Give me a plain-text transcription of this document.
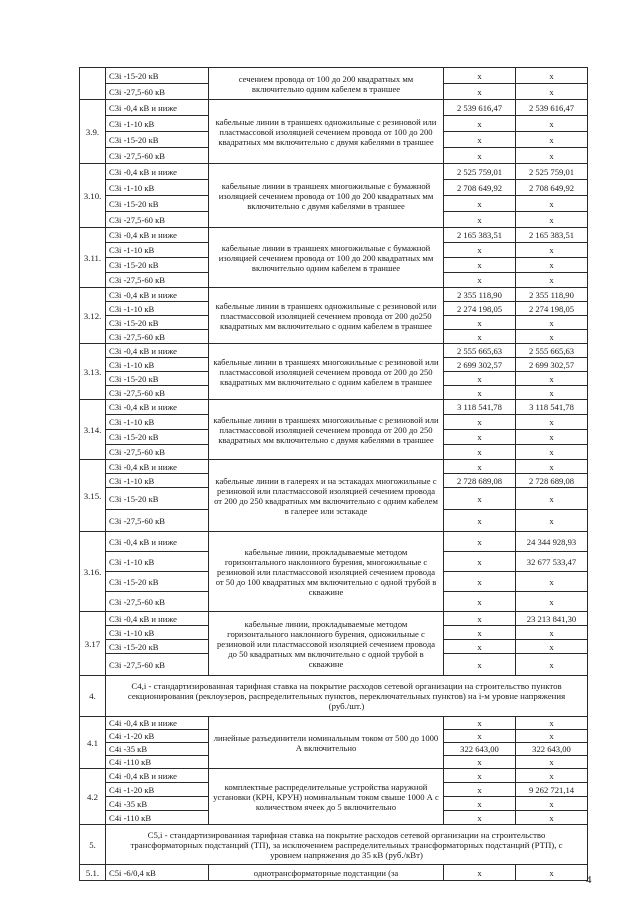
	С3i -15-20 кВ	сечением провода от 100 до 200 квадратных мм включительно одним кабелем в траншее	х	х
	С3i -27,5-60 кВ		х	х
3.9.	С3i -0,4 кВ и ниже	кабельные линии в траншеях одножильные с резиновой или пластмассовой изоляцией сечением провода от 100 до 200 квадратных мм включительно с двумя кабелями в траншее	2 539 616,47	2 539 616,47
	С3i -1-10 кВ		х	х
	С3i -15-20 кВ		х	х
	С3i -27,5-60 кВ		х	х
3.10.	С3i -0,4 кВ и ниже	кабельные линии в траншеях многожильные с бумажной изоляцией сечением провода от 100 до 200 квадратных мм включительно с двумя кабелями в траншее	2 525 759,01	2 525 759,01
	С3i -1-10 кВ		2 708 649,92	2 708 649,92
	С3i -15-20 кВ		х	х
	С3i -27,5-60 кВ		х	х
3.11.	С3i -0,4 кВ и ниже	кабельные линии в траншеях многожильные с бумажной изоляцией сечением провода от 100 до 200 квадратных мм включительно одним кабелем в траншее	2 165 383,51	2 165 383,51
	С3i -1-10 кВ		х	х
	С3i -15-20 кВ		х	х
	С3i -27,5-60 кВ		х	х
3.12.	С3i -0,4 кВ и ниже	кабельные линии в траншеях одножильные с резиновой или пластмассовой изоляцией сечением провода от 200 до250 квадратных мм включительно с одним кабелем в траншее	2 355 118,90	2 355 118,90
	С3i -1-10 кВ		2 274 198,05	2 274 198,05
	С3i -15-20 кВ		х	х
	С3i -27,5-60 кВ		х	х
3.13.	С3i -0,4 кВ и ниже	кабельные линии в траншеях многожильные с резиновой или пластмассовой изоляцией сечением провода от 200 до 250 квадратных мм включительно с одним кабелем в траншее	2 555 665,63	2 555 665,63
	С3i -1-10 кВ		2 699 302,57	2 699 302,57
	С3i -15-20 кВ		х	х
	С3i -27,5-60 кВ		х	х
3.14.	С3i -0,4 кВ и ниже	кабельные линии в траншеях многожильные с резиновой или пластмассовой изоляцией сечением провода от 200 до 250 квадратных мм включительно с двумя кабелями в траншее	3 118 541,78	3 118 541,78
	С3i -1-10 кВ		х	х
	С3i -15-20 кВ		х	х
	С3i -27,5-60 кВ		х	х
3.15.	С3i -0,4 кВ и ниже	кабельные линии в галереях и на эстакадах многожильные с резиновой или пластмассовой изоляцией сечением провода от 200 до 250 квадратных мм включительно с одним кабелем в галерее или эстакаде	х	х
	С3i -1-10 кВ		2 728 689,08	2 728 689,08
	С3i -15-20 кВ		х	х
	С3i -27,5-60 кВ		х	х
3.16.	С3i -0,4 кВ и ниже	кабельные линии, прокладываемые методом горизонтального наклонного бурения, многожильные с резиновой или пластмассовой изоляцией сечением провода от 50 до 100 квадратных мм включительно с одной трубой в скважине	х	24 344 928,93
	С3i -1-10 кВ		х	32 677 533,47
	С3i -15-20 кВ		х	х
	С3i -27,5-60 кВ		х	х
3.17	С3i -0,4 кВ и ниже	кабельные линии, прокладываемые методом горизонтального наклонного бурения, одножильные с резиновой или пластмассовой изоляцией сечением провода до 50 квадратных мм включительно с одной трубой в скважине	х	23 213 841,30
	С3i -1-10 кВ		х	х
	С3i -15-20 кВ		х	х
	С3i -27,5-60 кВ		х	х
4.	С4,i - стандартизированная тарифная ставка на покрытие расходов сетевой организации на строительство пунктов секционирования (реклоузеров, распределительных пунктов, переключательных пунктов) на i-м уровне напряжения (руб./шт.)			
4.1	С4i -0,4 кВ и ниже	линейные разъединители номинальным током от 500 до 1000 А включительно	х	х
	С4i -1-20 кВ		х	х
	С4i -35 кВ		322 643,00	322 643,00
	С4i -110 кВ		х	х
4.2	С4i -0,4 кВ и ниже	комплектные распределительные устройства наружной установки (КРН, КРУН) номинальным током свыше 1000 А с количеством ячеек до 5 включительно	х	х
	С4i -1-20 кВ		х	9 262 721,14
	С4i -35 кВ		х	х
	С4i -110 кВ		х	х
5.	С5,i - стандартизированная тарифная ставка на покрытие расходов сетевой организации на строительство трансформаторных подстанций (ТП), за исключением распределительных трансформаторных подстанций (РТП), с уровнем напряжения до 35 кВ (руб./кВт)			
5.1.	С5i -6/0,4 кВ	однотрансформаторные подстанции (за	х	х
4
